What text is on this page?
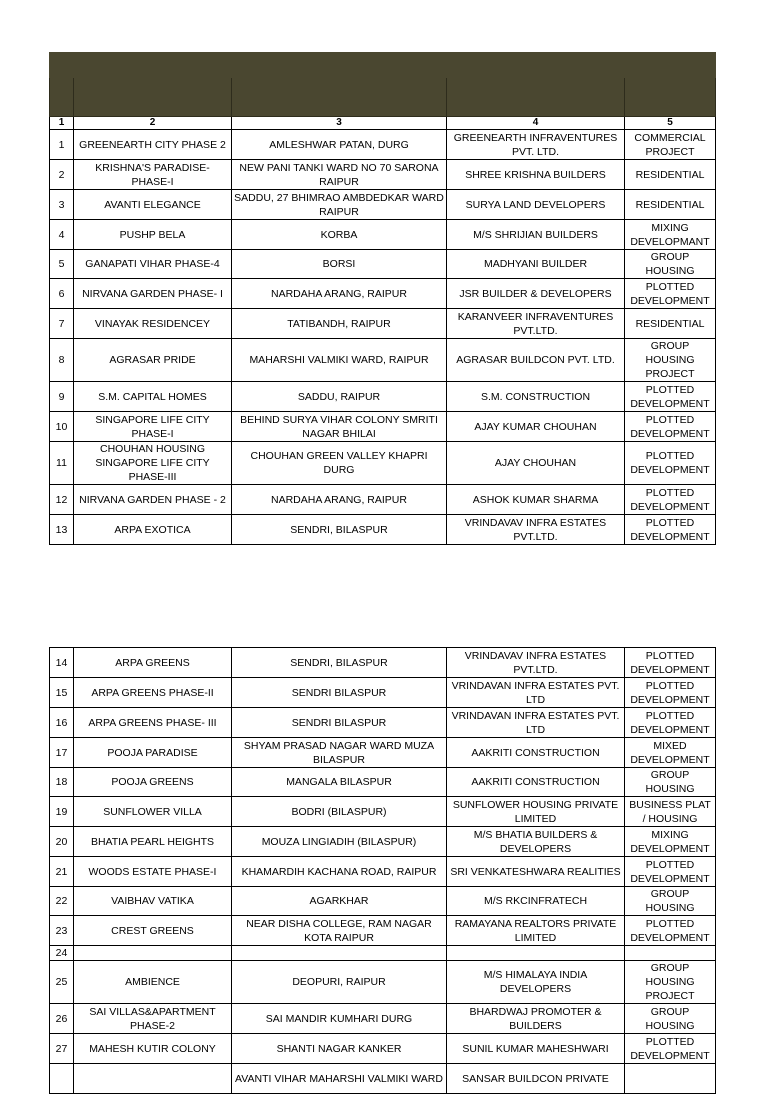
1	2	3	4	5
1	GREENEARTH CITY PHASE 2	AMLESHWAR PATAN, DURG	GREENEARTH INFRAVENTURES PVT. LTD.	COMMERCIAL PROJECT
2	KRISHNA'S PARADISE-PHASE-I	NEW PANI TANKI WARD NO 70 SARONA RAIPUR	SHREE KRISHNA BUILDERS	RESIDENTIAL
3	AVANTI ELEGANCE	SADDU, 27 BHIMRAO AMBDEDKAR WARD RAIPUR	SURYA LAND DEVELOPERS	RESIDENTIAL
4	PUSHP BELA	KORBA	M/S SHRIJIAN BUILDERS	MIXING DEVELOPMANT
5	GANAPATI VIHAR PHASE-4	BORSI	MADHYANI BUILDER	GROUP HOUSING
6	NIRVANA GARDEN PHASE- I	NARDAHA ARANG, RAIPUR	JSR BUILDER & DEVELOPERS	PLOTTED DEVELOPMENT
7	VINAYAK RESIDENCEY	TATIBANDH, RAIPUR	KARANVEER INFRAVENTURES PVT.LTD.	RESIDENTIAL
8	AGRASAR PRIDE	MAHARSHI VALMIKI WARD, RAIPUR	AGRASAR BUILDCON PVT. LTD.	GROUP HOUSING PROJECT
9	S.M. CAPITAL HOMES	SADDU, RAIPUR	S.M. CONSTRUCTION	PLOTTED DEVELOPMENT
10	SINGAPORE LIFE CITY PHASE-I	BEHIND SURYA VIHAR COLONY SMRITI NAGAR BHILAI	AJAY KUMAR CHOUHAN	PLOTTED DEVELOPMENT
11	CHOUHAN HOUSING SINGAPORE LIFE CITY PHASE-III	CHOUHAN GREEN VALLEY KHAPRI DURG	AJAY CHOUHAN	PLOTTED DEVELOPMENT
12	NIRVANA GARDEN PHASE - 2	NARDAHA ARANG, RAIPUR	ASHOK KUMAR SHARMA	PLOTTED DEVELOPMENT
13	ARPA EXOTICA	SENDRI, BILASPUR	VRINDAVAV INFRA ESTATES PVT.LTD.	PLOTTED DEVELOPMENT
14	ARPA GREENS	SENDRI, BILASPUR	VRINDAVAV INFRA ESTATES PVT.LTD.	PLOTTED DEVELOPMENT
15	ARPA GREENS PHASE-II	SENDRI BILASPUR	VRINDAVAN INFRA ESTATES PVT. LTD	PLOTTED DEVELOPMENT
16	ARPA GREENS PHASE- III	SENDRI BILASPUR	VRINDAVAN INFRA ESTATES PVT. LTD	PLOTTED DEVELOPMENT
17	POOJA PARADISE	SHYAM PRASAD NAGAR WARD MUZA BILASPUR	AAKRITI CONSTRUCTION	MIXED DEVELOPMENT
18	POOJA GREENS	MANGALA BILASPUR	AAKRITI CONSTRUCTION	GROUP HOUSING
19	SUNFLOWER VILLA	BODRI (BILASPUR)	SUNFLOWER HOUSING PRIVATE LIMITED	BUSINESS PLAT / HOUSING
20	BHATIA PEARL HEIGHTS	MOUZA LINGIADIH (BILASPUR)	M/S BHATIA BUILDERS & DEVELOPERS	MIXING DEVELOPMENT
21	WOODS ESTATE PHASE-I	KHAMARDIH KACHANA ROAD, RAIPUR	SRI VENKATESHWARA REALITIES	PLOTTED DEVELOPMENT
22	VAIBHAV VATIKA	AGARKHAR	M/S RKCINFRATECH	GROUP HOUSING
23	CREST GREENS	NEAR DISHA COLLEGE, RAM NAGAR KOTA RAIPUR	RAMAYANA REALTORS PRIVATE LIMITED	PLOTTED DEVELOPMENT
24				
25	AMBIENCE	DEOPURI, RAIPUR	M/S HIMALAYA INDIA DEVELOPERS	GROUP HOUSING PROJECT
26	SAI VILLAS&APARTMENT PHASE-2	SAI MANDIR KUMHARI DURG	BHARDWAJ PROMOTER & BUILDERS	GROUP HOUSING
27	MAHESH KUTIR COLONY	SHANTI NAGAR KANKER	SUNIL KUMAR MAHESHWARI	PLOTTED DEVELOPMENT
		AVANTI VIHAR MAHARSHI VALMIKI WARD	SANSAR BUILDCON PRIVATE	
